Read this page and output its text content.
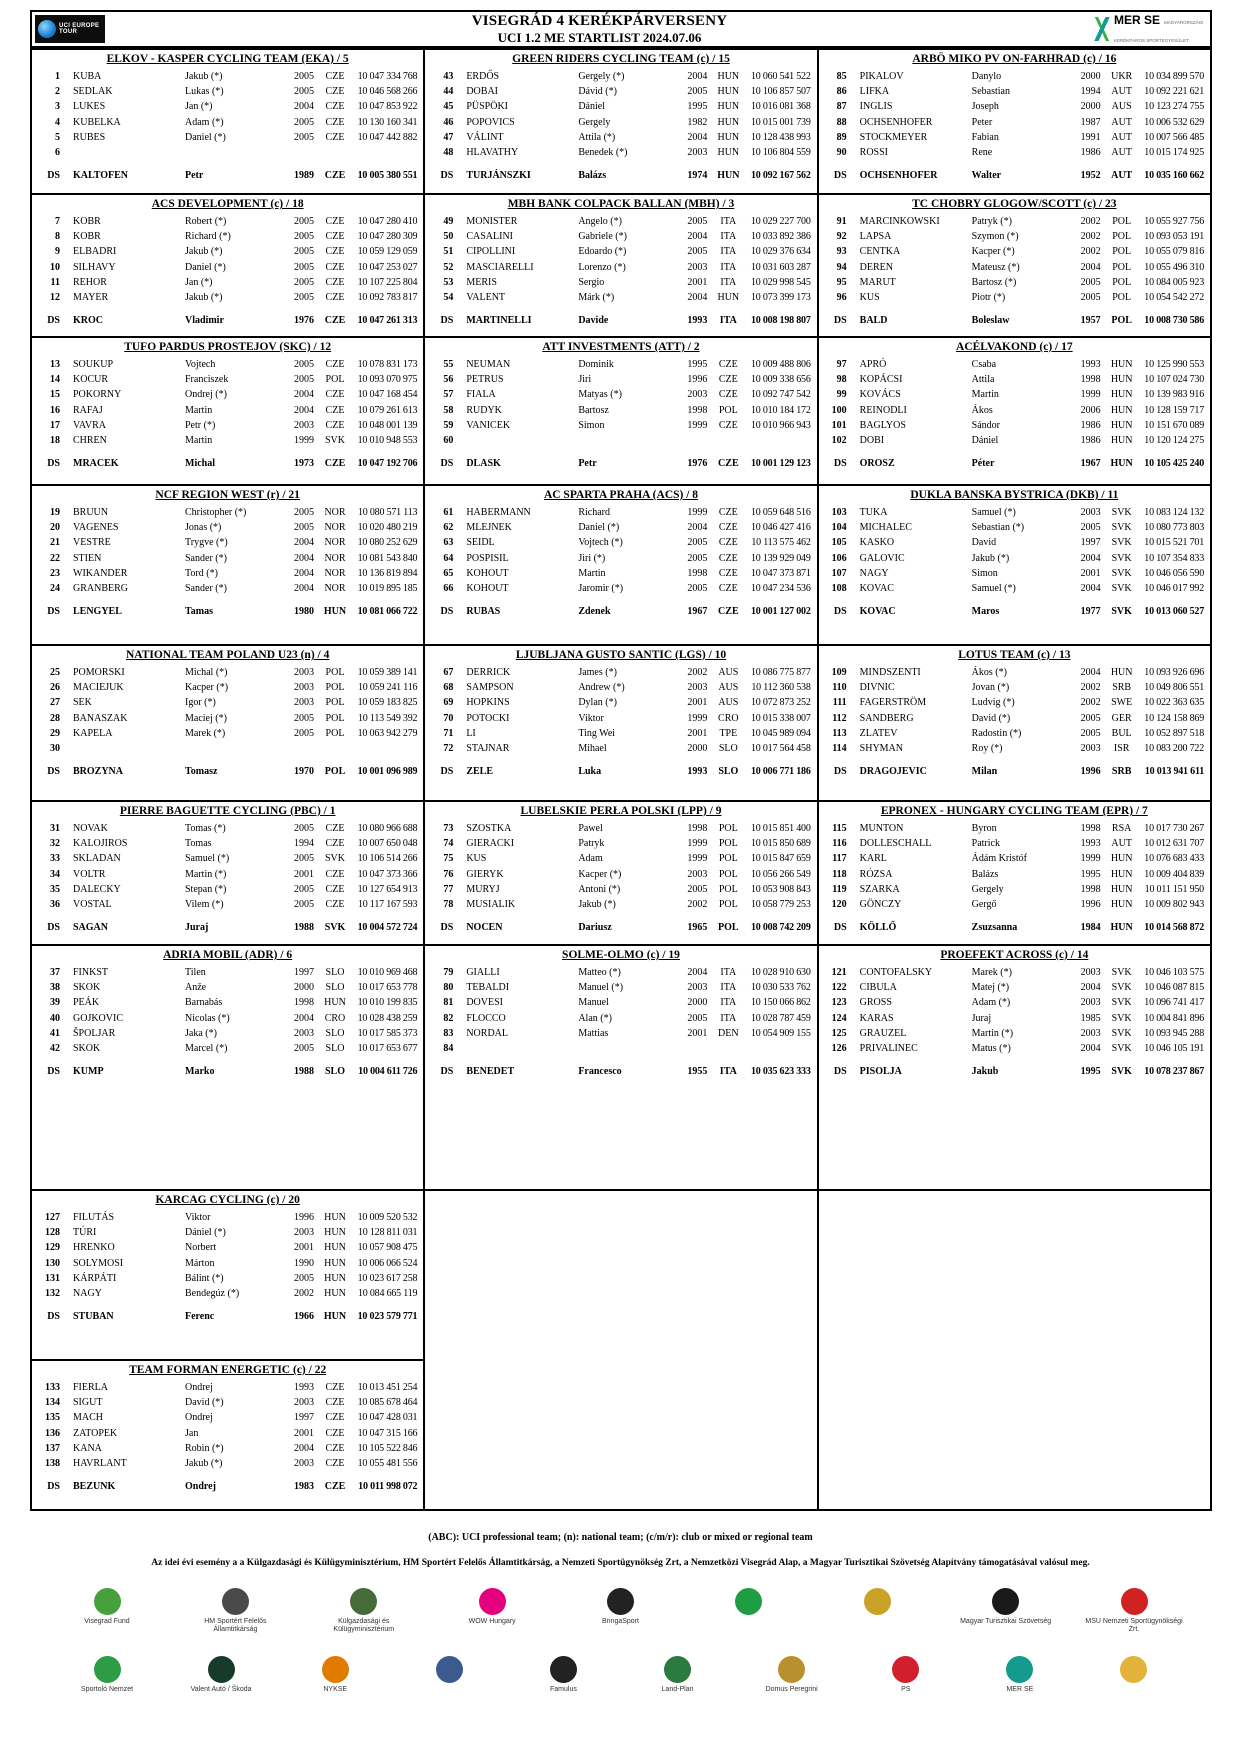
UCI EUROPE TOUR
VISEGRÁD 4 KERÉKPÁRVERSENY
UCI 1.2 ME STARTLIST 2024.07.06
MER SE MAGYARORSZÁGI KERÉKPÁROS SPORTEGYESÜLET
ELKOV - KASPER CYCLING TEAM (EKA) / 5
1	KUBA	Jakub (*)	2005	CZE	10 047 334 768
2	SEDLAK	Lukas (*)	2005	CZE	10 046 568 266
3	LUKES	Jan (*)	2004	CZE	10 047 853 922
4	KUBELKA	Adam (*)	2005	CZE	10 130 160 341
5	RUBES	Daniel (*)	2005	CZE	10 047 442 882
6
DS	KALTOFEN	Petr	1989	CZE	10 005 380 551
GREEN RIDERS CYCLING TEAM (c) / 15
43	ERDŐS	Gergely (*)	2004	HUN	10 060 541 522
44	DOBAI	Dávid (*)	2005	HUN	10 106 857 507
45	PÜSPÖKI	Dániel	1995	HUN	10 016 081 368
46	POPOVICS	Gergely	1982	HUN	10 015 001 739
47	VÁLINT	Attila (*)	2004	HUN	10 128 438 993
48	HLAVATHY	Benedek (*)	2003	HUN	10 106 804 559
DS	TURJÁNSZKI	Balázs	1974 HUN	10 092 167 562
ARBÖ MIKO PV ON-FARHRAD (c) / 16
85	PIKALOV	Danylo	2000	UKR	10 034 899 570
86	LIFKA	Sebastian	1994	AUT	10 092 221 621
87	INGLIS	Joseph	2000	AUS	10 123 274 755
88	OCHSENHOFER	Peter	1987	AUT	10 006 532 629
89	STOCKMEYER	Fabian	1991	AUT	10 007 566 485
90	ROSSI	Rene	1986	AUT	10 015 174 925
DS	OCHSENHOFER	Walter	1952	AUT	10 035 160 662
ACS DEVELOPMENT (c) / 18
7	KOBR	Robert (*)	2005	CZE	10 047 280 410
8	KOBR	Richard (*)	2005	CZE	10 047 280 309
9	ELBADRI	Jakub (*)	2005	CZE	10 059 129 059
10	SILHAVY	Daniel (*)	2005	CZE	10 047 253 027
11	REHOR	Jan (*)	2005	CZE	10 107 225 804
12	MAYER	Jakub (*)	2005	CZE	10 092 783 817
DS	KROC	Vladimir	1976	CZE	10 047 261 313
MBH BANK COLPACK BALLAN (MBH) / 3
49	MONISTER	Angelo (*)	2005	ITA	10 029 227 700
50	CASALINI	Gabriele (*)	2004	ITA	10 033 892 386
51	CIPOLLINI	Edoardo (*)	2005	ITA	10 029 376 634
52	MASCIARELLI	Lorenzo (*)	2003	ITA	10 031 603 287
53	MERIS	Sergio	2001	ITA	10 029 998 545
54	VALENT	Márk (*)	2004	HUN	10 073 399 173
DS	MARTINELLI	Davide	1993	ITA	10 008 198 807
TC CHOBRY GLOGOW/SCOTT (c) / 23
91	MARCINKOWSKI	Patryk (*)	2002	POL	10 055 927 756
92	LAPSA	Szymon (*)	2002	POL	10 093 053 191
93	CENTKA	Kacper (*)	2002	POL	10 055 079 816
94	DEREN	Mateusz (*)	2004	POL	10 055 496 310
95	MARUT	Bartosz (*)	2005	POL	10 084 005 923
96	KUS	Piotr (*)	2005	POL	10 054 542 272
DS	BALD	Boleslaw	1957	POL	10 008 730 586
TUFO PARDUS PROSTEJOV (SKC) / 12
13	SOUKUP	Vojtech	2005	CZE	10 078 831 173
14	KOCUR	Franciszek	2005	POL	10 093 070 975
15	POKORNY	Ondrej (*)	2004	CZE	10 047 168 454
16	RAFAJ	Martin	2004	CZE	10 079 261 613
17	VAVRA	Petr (*)	2003	CZE	10 048 001 139
18	CHREN	Martin	1999	SVK	10 010 948 553
DS	MRACEK	Michal	1973	CZE	10 047 192 706
ATT INVESTMENTS (ATT) / 2
55	NEUMAN	Dominik	1995	CZE	10 009 488 806
56	PETRUS	Jiri	1996	CZE	10 009 338 656
57	FIALA	Matyas (*)	2003	CZE	10 092 747 542
58	RUDYK	Bartosz	1998	POL	10 010 184 172
59	VANICEK	Simon	1999	CZE	10 010 966 943
60
DS	DLASK	Petr	1976	CZE	10 001 129 123
ACÉLVAKOND (c) / 17
97	APRÓ	Csaba	1993	HUN	10 125 990 553
98	KOPÁCSI	Attila	1998	HUN	10 107 024 730
99	KOVÁCS	Martin	1999	HUN	10 139 983 916
100	REINODLI	Ákos	2006	HUN	10 128 159 717
101	BAGLYOS	Sándor	1986	HUN	10 151 670 089
102	DOBI	Dániel	1986	HUN	10 120 124 275
DS	OROSZ	Péter	1967 HUN	10 105 425 240
NCF REGION WEST (r) / 21
19	BRUUN	Christopher (*)	2005	NOR	10 080 571 113
20	VAGENES	Jonas (*)	2005	NOR	10 020 480 219
21	VESTRE	Trygve (*)	2004	NOR	10 080 252 629
22	STIEN	Sander (*)	2004	NOR	10 081 543 840
23	WIKANDER	Tord (*)	2004	NOR	10 136 819 894
24	GRANBERG	Sander (*)	2004	NOR	10 019 895 185
DS	LENGYEL	Tamas	1980 HUN	10 081 066 722
AC SPARTA PRAHA (ACS) / 8
61	HABERMANN	Richard	1999	CZE	10 059 648 516
62	MLEJNEK	Daniel (*)	2004	CZE	10 046 427 416
63	SEIDL	Vojtech (*)	2005	CZE	10 113 575 462
64	POSPISIL	Jiri (*)	2005	CZE	10 139 929 049
65	KOHOUT	Martin	1998	CZE	10 047 373 871
66	KOHOUT	Jaromir (*)	2005	CZE	10 047 234 536
DS	RUBAS	Zdenek	1967	CZE	10 001 127 002
DUKLA BANSKA BYSTRICA (DKB) / 11
103	TUKA	Samuel (*)	2003	SVK	10 083 124 132
104	MICHALEC	Sebastian (*)	2005	SVK	10 080 773 803
105	KASKO	David	1997	SVK	10 015 521 701
106	GALOVIC	Jakub (*)	2004	SVK	10 107 354 833
107	NAGY	Simon	2001	SVK	10 046 056 590
108	KOVAC	Samuel (*)	2004	SVK	10 046 017 992
DS	KOVAC	Maros	1977	SVK	10 013 060 527
NATIONAL TEAM POLAND U23 (n) / 4
25	POMORSKI	Michal (*)	2003	POL	10 059 389 141
26	MACIEJUK	Kacper (*)	2003	POL	10 059 241 116
27	SEK	Igor (*)	2003	POL	10 059 183 825
28	BANASZAK	Maciej (*)	2005	POL	10 113 549 392
29	KAPELA	Marek (*)	2005	POL	10 063 942 279
30
DS	BROZYNA	Tomasz	1970	POL	10 001 096 989
LJUBLJANA GUSTO SANTIC (LGS) / 10
67	DERRICK	James (*)	2002	AUS	10 086 775 877
68	SAMPSON	Andrew (*)	2003	AUS	10 112 360 538
69	HOPKINS	Dylan (*)	2001	AUS	10 072 873 252
70	POTOCKI	Viktor	1999	CRO	10 015 338 007
71	LI	Ting Wei	2001	TPE	10 045 989 094
72	STAJNAR	Mihael	2000	SLO	10 017 564 458
DS	ZELE	Luka	1993	SLO	10 006 771 186
LOTUS TEAM (c) / 13
109	MINDSZENTI	Ákos (*)	2004	HUN	10 093 926 696
110	DIVNIC	Jovan (*)	2002	SRB	10 049 806 551
111	FAGERSTRÖM	Ludvig (*)	2002	SWE	10 022 363 635
112	SANDBERG	David (*)	2005	GER	10 124 158 869
113	ZLATEV	Radostin (*)	2005	BUL	10 052 897 518
114	SHYMAN	Roy (*)	2003	ISR	10 083 200 722
DS	DRAGOJEVIC	Milan	1996	SRB	10 013 941 611
PIERRE BAGUETTE CYCLING (PBC) / 1
31	NOVAK	Tomas (*)	2005	CZE	10 080 966 688
32	KALOJIROS	Tomas	1994	CZE	10 007 650 048
33	SKLADAN	Samuel (*)	2005	SVK	10 106 514 266
34	VOLTR	Martin (*)	2001	CZE	10 047 373 366
35	DALECKY	Stepan (*)	2005	CZE	10 127 654 913
36	VOSTAL	Vilem (*)	2005	CZE	10 117 167 593
DS	SAGAN	Juraj	1988	SVK	10 004 572 724
LUBELSKIE PERŁA POLSKI (LPP) / 9
73	SZOSTKA	Pawel	1998	POL	10 015 851 400
74	GIERACKI	Patryk	1999	POL	10 015 850 689
75	KUS	Adam	1999	POL	10 015 847 659
76	GIERYK	Kacper (*)	2003	POL	10 056 266 549
77	MURYJ	Antoni (*)	2005	POL	10 053 908 843
78	MUSIALIK	Jakub (*)	2002	POL	10 058 779 253
DS	NOCEN	Dariusz	1965	POL	10 008 742 209
EPRONEX - HUNGARY CYCLING TEAM (EPR) / 7
115	MUNTON	Byron	1998	RSA	10 017 730 267
116	DOLLESCHALL	Patrick	1993	AUT	10 012 631 707
117	KARL	Ádám Kristóf	1999	HUN	10 076 683 433
118	RÓZSA	Balázs	1995	HUN	10 009 404 839
119	SZARKA	Gergely	1998	HUN	10 011 151 950
120	GÖNCZY	Gergő	1996	HUN	10 009 802 943
DS	KÖLLŐ	Zsuzsanna	1984 HUN	10 014 568 872
ADRIA MOBIL (ADR) / 6
37	FINKST	Tilen	1997	SLO	10 010 969 468
38	SKOK	Anže	2000	SLO	10 017 653 778
39	PEÁK	Barnabás	1998	HUN	10 010 199 835
40	GOJKOVIC	Nicolas (*)	2004	CRO	10 028 438 259
41	ŠPOLJAR	Jaka (*)	2003	SLO	10 017 585 373
42	SKOK	Marcel (*)	2005	SLO	10 017 653 677
DS	KUMP	Marko	1988	SLO	10 004 611 726
SOLME-OLMO (c) / 19
79	GIALLI	Matteo (*)	2004	ITA	10 028 910 630
80	TEBALDI	Manuel (*)	2003	ITA	10 030 533 762
81	DOVESI	Manuel	2000	ITA	10 150 066 862
82	FLOCCO	Alan (*)	2005	ITA	10 028 787 459
83	NORDAL	Mattias	2001	DEN	10 054 909 155
84
DS	BENEDET	Francesco	1955	ITA	10 035 623 333
PROEFEKT ACROSS (c) / 14
121	CONTOFALSKY	Marek (*)	2003	SVK	10 046 103 575
122	CIBULA	Matej (*)	2004	SVK	10 046 087 815
123	GROSS	Adam (*)	2003	SVK	10 096 741 417
124	KARAS	Juraj	1985	SVK	10 004 841 896
125	GRAUZEL	Martin (*)	2003	SVK	10 093 945 288
126	PRIVALINEC	Matus (*)	2004	SVK	10 046 105 191
DS	PISOLJA	Jakub	1995	SVK	10 078 237 867
KARCAG CYCLING (c) / 20
127	FILUTÁS	Viktor	1996	HUN	10 009 520 532
128	TÚRI	Dániel (*)	2003	HUN	10 128 811 031
129	HRENKO	Norbert	2001	HUN	10 057 908 475
130	SOLYMOSI	Márton	1990	HUN	10 006 066 524
131	KÁRPÁTI	Bálint (*)	2005	HUN	10 023 617 258
132	NAGY	Bendegúz (*)	2002	HUN	10 084 665 119
DS	STUBAN	Ferenc	1966 HUN	10 023 579 771
TEAM FORMAN ENERGETIC (c) / 22
133	FIERLA	Ondrej	1993	CZE	10 013 451 254
134	SIGUT	David (*)	2003	CZE	10 085 678 464
135	MACH	Ondrej	1997	CZE	10 047 428 031
136	ZATOPEK	Jan	2001	CZE	10 047 315 166
137	KANA	Robin (*)	2004	CZE	10 105 522 846
138	HAVRLANT	Jakub (*)	2003	CZE	10 055 481 556
DS	BEZUNK	Ondrej	1983	CZE	10 011 998 072
(ABC): UCI professional team; (n): national team; (c/m/r): club or mixed or regional team
Az idei évi esemény a a Külgazdasági és Külügyminisztérium, HM Sportért Felelős Államtitkárság, a Nemzeti Sportügynökség Zrt, a Nemzetközi Visegrád Alap, a Magyar Turisztikai Szövetség Alapítvány támogatásával valósul meg.
Visegrad Fund	HM Sportért Felelős Államtitkárság
Külgazdasági és Külügyminisztérium
WOW Hungary	BringaSport	Magyar Turisztikai Szövetség	MSU Nemzeti Sportügynökségi Zrt.
Sportoló Nemzet	Valent Autó / Škoda	NYKSE	Famulus	Land-Plan	Domus Peregrini	PS	MER SE
